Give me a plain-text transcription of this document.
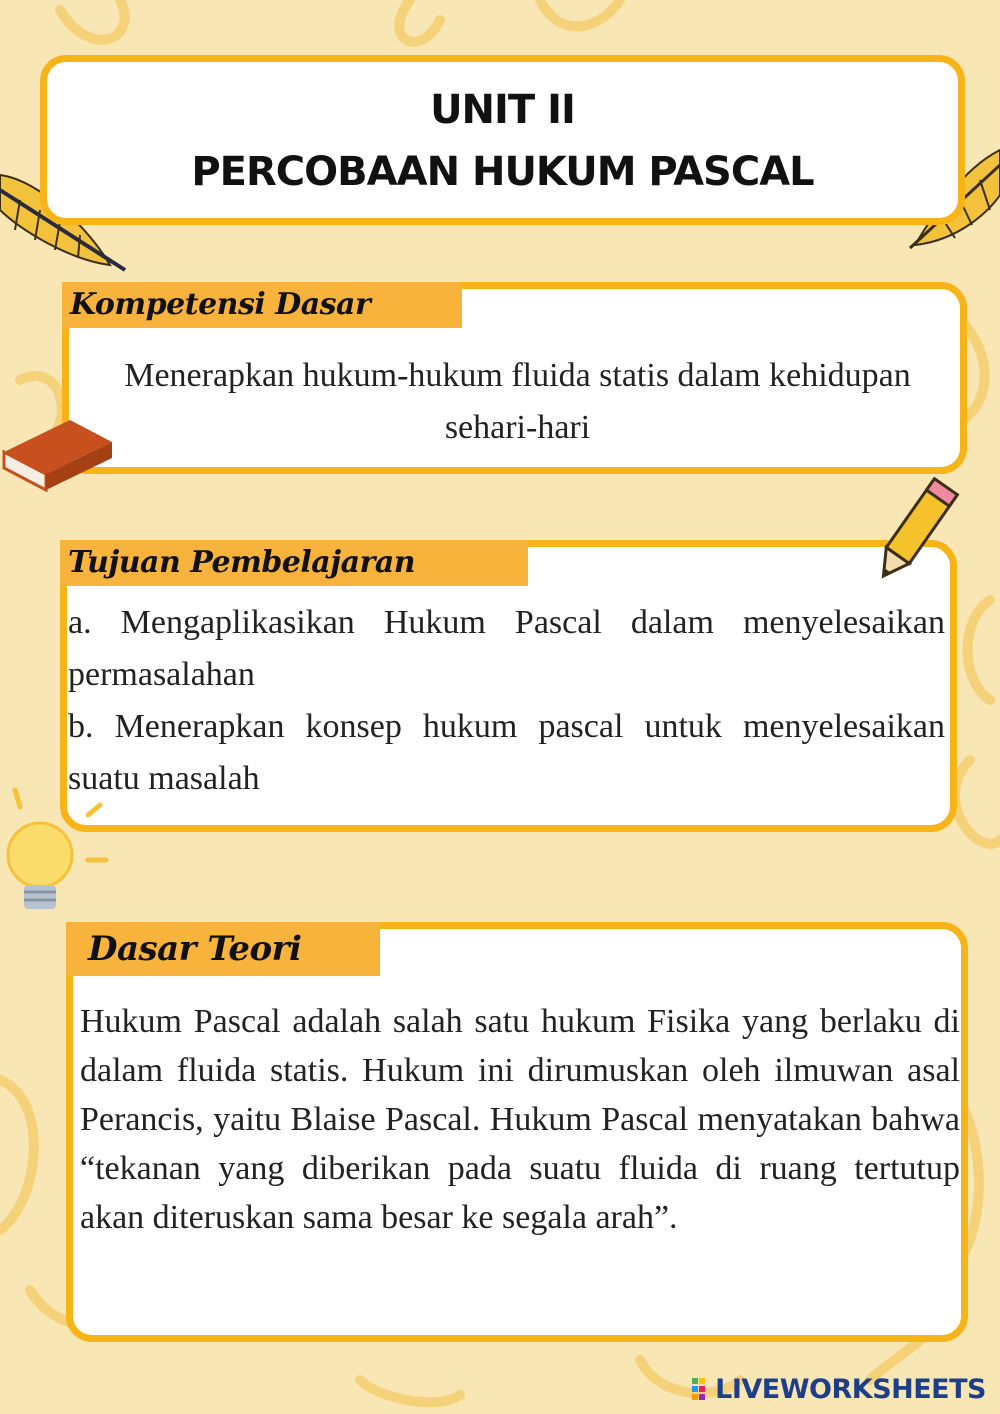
UNIT II
PERCOBAAN HUKUM PASCAL
Kompetensi Dasar
Menerapkan hukum-hukum fluida statis dalam kehidupan sehari-hari
Tujuan Pembelajaran

a. Mengaplikasikan Hukum Pascal dalam menyelesaikan permasalahan

b. Menerapkan konsep hukum pascal untuk menyelesaikan suatu masalah

Dasar Teori
Hukum Pascal adalah salah satu hukum Fisika yang berlaku di dalam fluida statis. Hukum ini dirumuskan oleh ilmuwan asal Perancis, yaitu Blaise Pascal. Hukum Pascal menyatakan bahwa “tekanan yang diberikan pada suatu fluida di ruang tertutup akan diteruskan sama besar ke segala arah”.
LIVEWORKSHEETS
